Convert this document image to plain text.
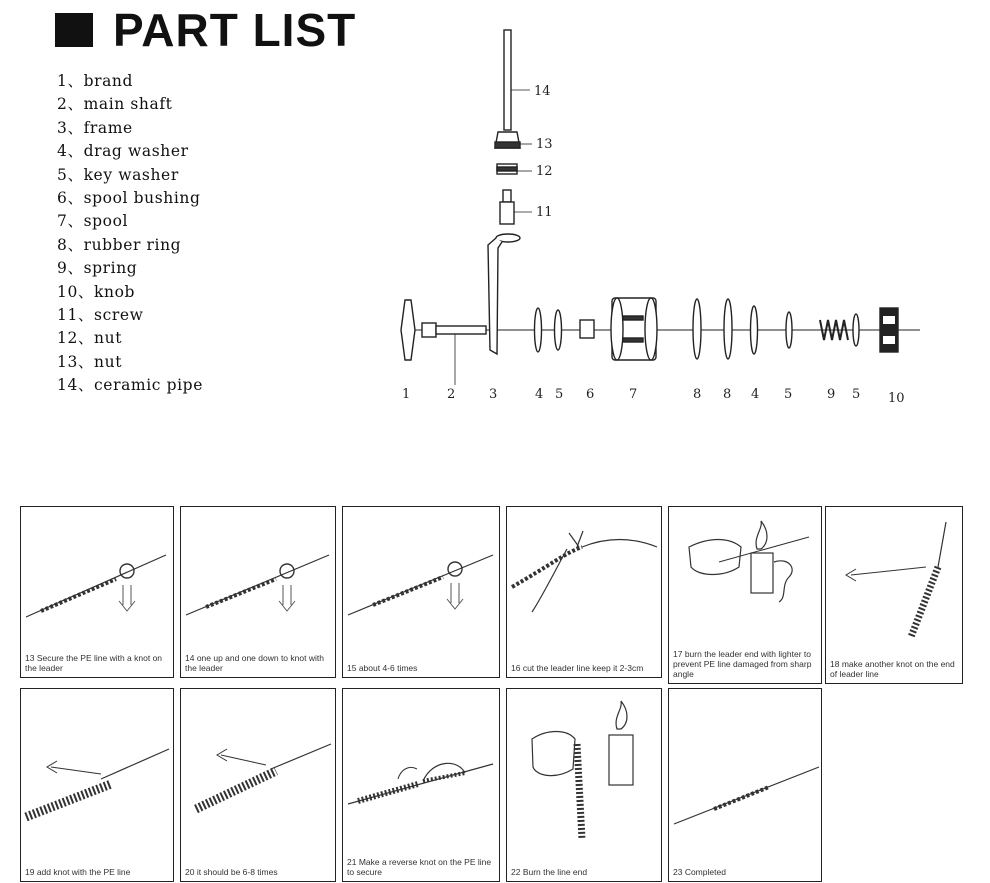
PART LIST
1、brand
2、main shaft
3、frame
4、drag washer
5、key washer
6、spool bushing
7、spool
8、rubber ring
9、spring
10、knob
11、screw
12、nut
13、nut
14、ceramic pipe
14
13
12
11
1	2	3	4 5 6	7	8 8 4 5	9 5 10
13 Secure the PE line with a knot on the leader
14 one up and one down to knot with the leader	15 about 4-6 times	16 cut the leader line keep it 2-3cm
17 burn the leader end with lighter to prevent PE line damaged from sharp angle
18 make another knot on the end of leader line
19 add knot with the PE line	20 it should be 6-8 times
21 Make a reverse knot on the PE line to secure	22 Burn the line end	23 Completed
